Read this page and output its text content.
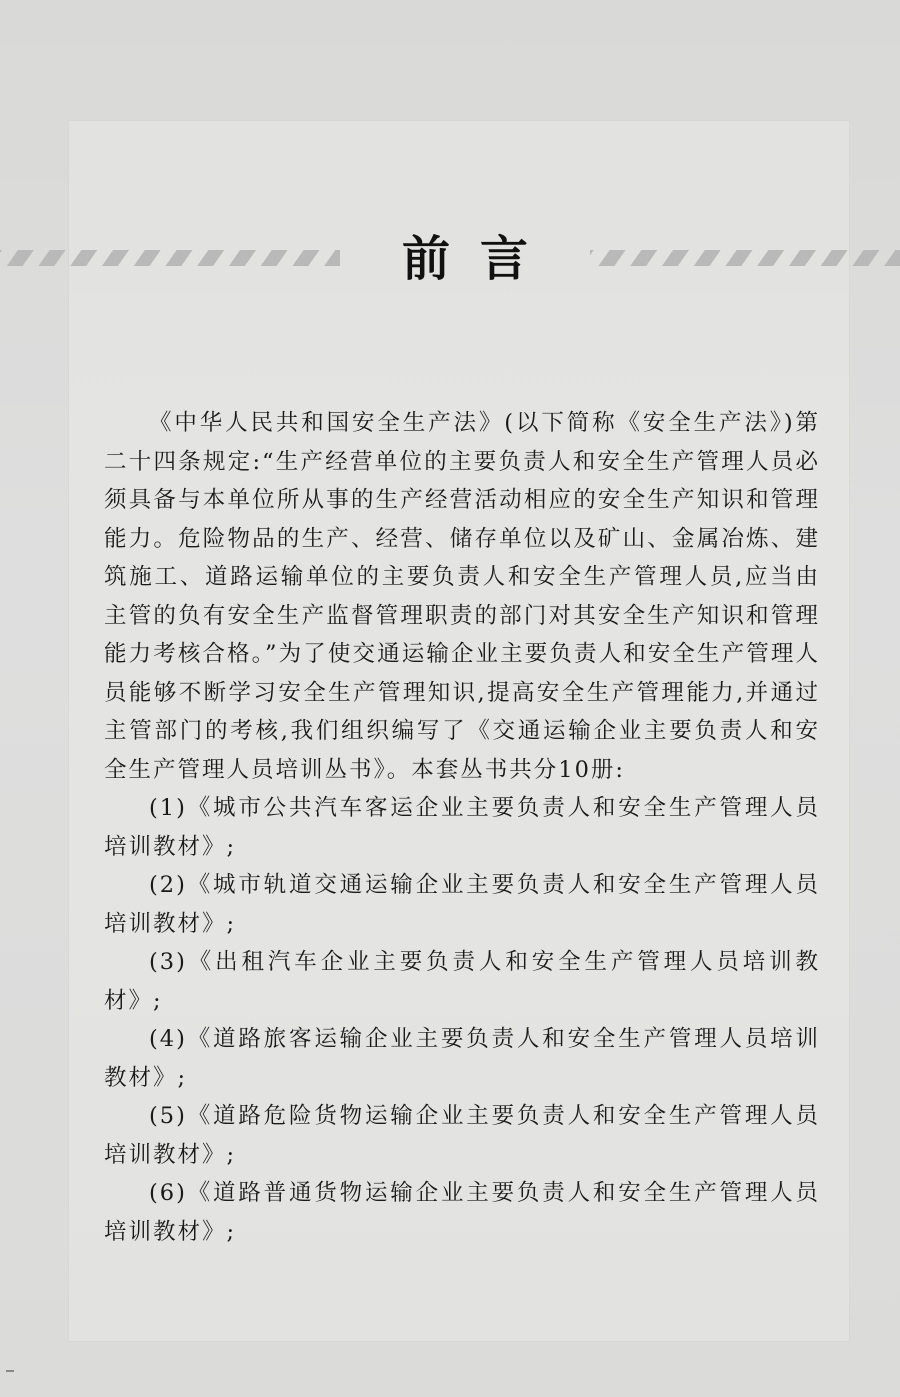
前言

《中华人民共和国安全生产法》(以下简称《安全生产法》)第二十四条规定:“生产经营单位的主要负责人和安全生产管理人员必须具备与本单位所从事的生产经营活动相应的安全生产知识和管理能力。危险物品的生产、经营、储存单位以及矿山、金属冶炼、建筑施工、道路运输单位的主要负责人和安全生产管理人员,应当由主管的负有安全生产监督管理职责的部门对其安全生产知识和管理能力考核合格。”为了使交通运输企业主要负责人和安全生产管理人员能够不断学习安全生产管理知识,提高安全生产管理能力,并通过主管部门的考核,我们组织编写了《交通运输企业主要负责人和安全生产管理人员培训丛书》。本套丛书共分10册:

(1)《城市公共汽车客运企业主要负责人和安全生产管理人员培训教材》;

(2)《城市轨道交通运输企业主要负责人和安全生产管理人员培训教材》;

(3)《出租汽车企业主要负责人和安全生产管理人员培训教材》;

(4)《道路旅客运输企业主要负责人和安全生产管理人员培训教材》;

(5)《道路危险货物运输企业主要负责人和安全生产管理人员培训教材》;

(6)《道路普通货物运输企业主要负责人和安全生产管理人员培训教材》;
